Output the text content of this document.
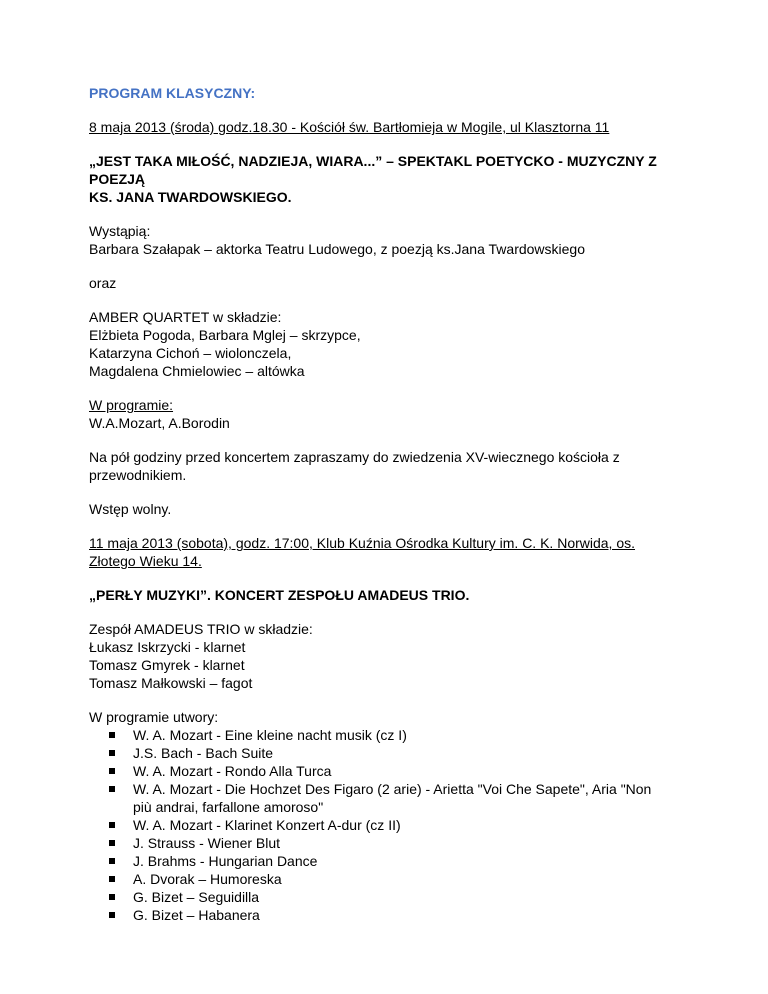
PROGRAM KLASYCZNY:

8 maja 2013 (środa) godz.18.30 - Kościół św. Bartłomieja w Mogile, ul Klasztorna 11

„JEST TAKA MIŁOŚĆ, NADZIEJA, WIARA...” – SPEKTAKL POETYCKO - MUZYCZNY Z POEZJĄ

KS. JANA TWARDOWSKIEGO.

Wystąpią:

Barbara Szałapak – aktorka Teatru Ludowego, z poezją ks.Jana Twardowskiego

oraz

AMBER QUARTET w składzie:

Elżbieta Pogoda, Barbara Mglej – skrzypce,

Katarzyna Cichoń – wiolonczela,

Magdalena Chmielowiec – altówka

W programie:

W.A.Mozart, A.Borodin

Na pół godziny przed koncertem zapraszamy do zwiedzenia XV-wiecznego kościoła z

przewodnikiem.

Wstęp wolny.

11 maja 2013 (sobota), godz. 17:00, Klub Kuźnia Ośrodka Kultury im. C. K. Norwida, os.

Złotego Wieku 14.

„PERŁY MUZYKI”. KONCERT ZESPOŁU AMADEUS TRIO.

Zespół AMADEUS TRIO w składzie:

Łukasz Iskrzycki - klarnet

Tomasz Gmyrek - klarnet

Tomasz Małkowski – fagot

W programie utwory:

W. A. Mozart - Eine kleine nacht musik (cz I)
J.S. Bach - Bach Suite
W. A. Mozart - Rondo Alla Turca
W. A. Mozart - Die Hochzet Des Figaro (2 arie) - Arietta "Voi Che Sapete", Aria "Non
più andrai, farfallone amoroso"
W. A. Mozart - Klarinet Konzert A-dur (cz II)
J. Strauss - Wiener Blut
J. Brahms - Hungarian Dance
A. Dvorak – Humoreska
G. Bizet – Seguidilla
G. Bizet – Habanera
